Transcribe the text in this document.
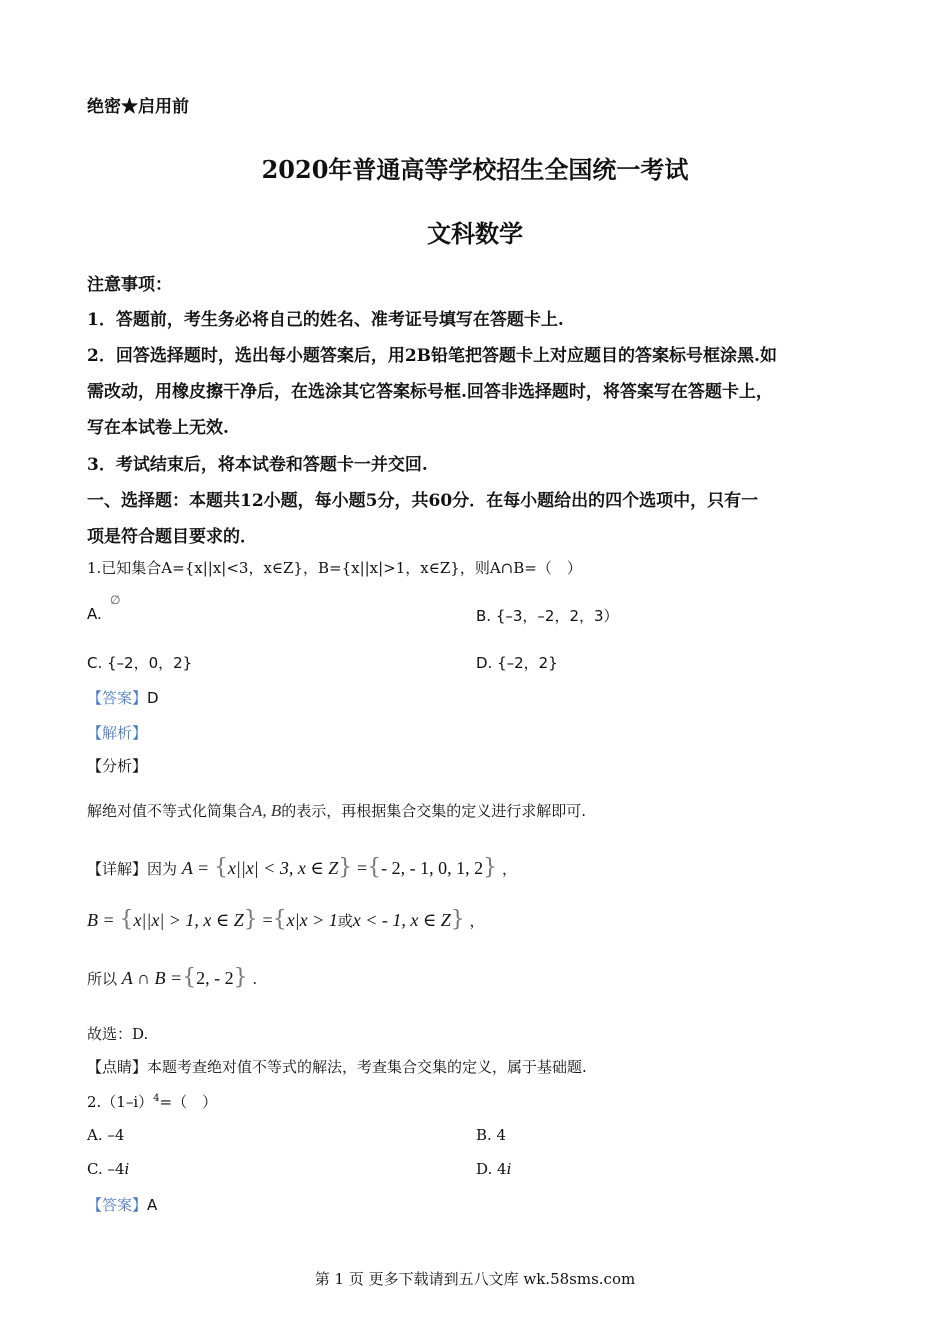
绝密★启用前
2020年普通高等学校招生全国统一考试
文科数学
注意事项：
1．答题前，考生务必将自己的姓名、准考证号填写在答题卡上.
2．回答选择题时，选出每小题答案后，用2B铅笔把答题卡上对应题目的答案标号框涂黑.如
需改动，用橡皮擦干净后，在选涂其它答案标号框.回答非选择题时，将答案写在答题卡上，
写在本试卷上无效.
3．考试结束后，将本试卷和答题卡一并交回.
一、选择题：本题共12小题，每小题5分，共60分．在每小题给出的四个选项中，只有一
项是符合题目要求的．
1.已知集合A={x||x|<3，x∈Z}，B={x||x|>1，x∈Z}，则A∩B=（　）
A.
∅
B. {–3，–2，2，3）
C. {–2，0，2}	D. {–2，2}
【答案】D
【解析】
【分析】
解绝对值不等式化简集合A, B的表示，再根据集合交集的定义进行求解即可.
【详解】因为 A = {x||x| < 3, x ∈ Z} ={- 2, - 1, 0, 1, 2} ，
B = {x||x| > 1, x ∈ Z} ={x|x > 1或x < - 1, x ∈ Z} ，
所以 A ∩ B ={2, - 2} .
故选：D.
【点睛】本题考查绝对值不等式的解法，考查集合交集的定义，属于基础题.
$2.(1-i)^4=$（　）
A. –4	B. 4
C. –4i	D. 4i
【答案】A
第 1 页 更多下载请到五八文库 wk.58sms.com
